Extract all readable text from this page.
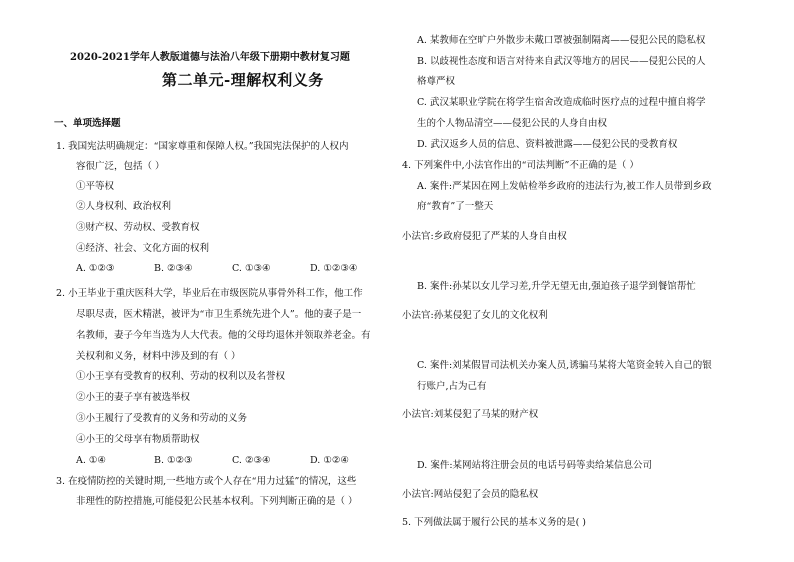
2020-2021学年人教版道德与法治八年级下册期中教材复习题
第二单元-理解权利义务
一、单项选择题
1. 我国宪法明确规定：“国家尊重和保障人权。”我国宪法保护的人权内
容很广泛，包括（ ）
①平等权
②人身权利、政治权利
③财产权、劳动权、受教育权
④经济、社会、文化方面的权利
A. ①②③	B. ②③④	C. ①③④	D. ①②③④
2. 小王毕业于重庆医科大学，毕业后在市级医院从事骨外科工作，他工作
尽职尽责，医术精湛，被评为“市卫生系统先进个人”。他的妻子是一
名教师，妻子今年当选为人大代表。他的父母均退休并领取养老金。有
关权利和义务，材料中涉及到的有（ ）
①小王享有受教育的权利、劳动的权利以及名誉权
②小王的妻子享有被选举权
③小王履行了受教育的义务和劳动的义务
④小王的父母享有物质帮助权
A. ①④	B. ①②③	C. ②③④	D. ①②④
3. 在疫情防控的关键时期,一些地方或个人存在“用力过猛”的情况，这些
非理性的防控措施,可能侵犯公民基本权利。下列判断正确的是（ ）
A. 某教师在空旷户外散步未戴口罩被强制隔离——侵犯公民的隐私权
B. 以歧视性态度和语言对待来自武汉等地方的居民——侵犯公民的人
格尊严权
C. 武汉某职业学院在将学生宿舍改造成临时医疗点的过程中擅自将学
生的个人物品清空——侵犯公民的人身自由权
D. 武汉返乡人员的信息、资料被泄露——侵犯公民的受教育权
4. 下列案件中,小法官作出的“司法判断”不正确的是（ ）
A. 案件:严某因在网上发帖检举乡政府的违法行为,被工作人员带到乡政
府“教育”了一整天
小法官:乡政府侵犯了严某的人身自由权
B. 案件:孙某以女儿学习差,升学无望无由,强迫孩子退学到餐馆帮忙
小法官:孙某侵犯了女儿的文化权利
C. 案件:刘某假冒司法机关办案人员,诱骗马某将大笔资金转入自己的银
行账户,占为己有
小法官:刘某侵犯了马某的财产权
D. 案件:某网站将注册会员的电话号码等卖给某信息公司
小法官:网站侵犯了会员的隐私权
5. 下列做法属于履行公民的基本义务的是( )
